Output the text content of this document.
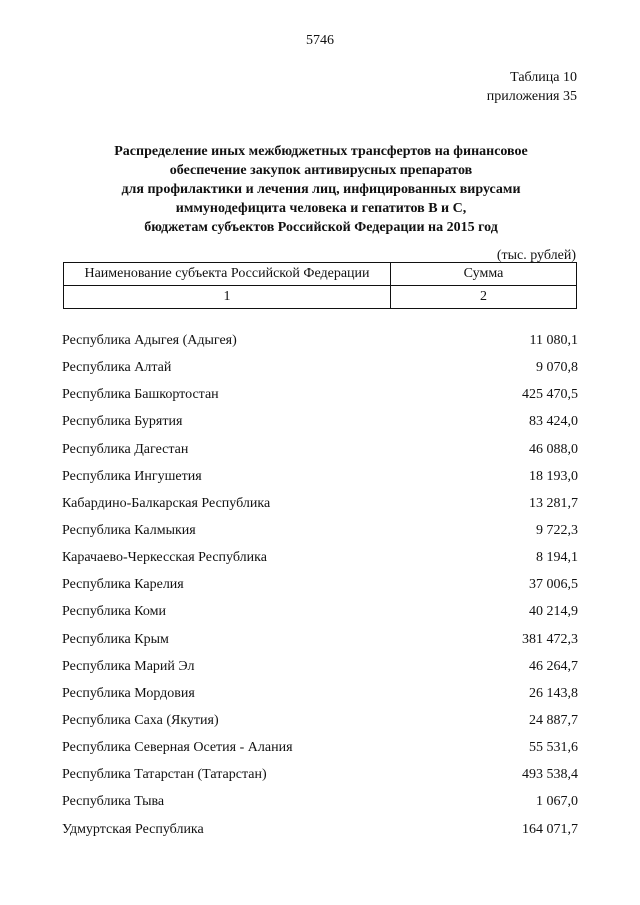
5746
Таблица 10
приложения 35
Распределение иных межбюджетных трансфертов на финансовое
обеспечение закупок антивирусных препаратов
для профилактики и лечения лиц, инфицированных вирусами
иммунодефицита человека и гепатитов В и С,
бюджетам субъектов Российской Федерации на 2015 год
(тыс. рублей)
Наименование субъекта Российской Федерации	Сумма
1	2
Республика Адыгея (Адыгея)	11 080,1
Республика Алтай	9 070,8
Республика Башкортостан	425 470,5
Республика Бурятия	83 424,0
Республика Дагестан	46 088,0
Республика Ингушетия	18 193,0
Кабардино-Балкарская Республика	13 281,7
Республика Калмыкия	9 722,3
Карачаево-Черкесская Республика	8 194,1
Республика Карелия	37 006,5
Республика Коми	40 214,9
Республика Крым	381 472,3
Республика Марий Эл	46 264,7
Республика Мордовия	26 143,8
Республика Саха (Якутия)	24 887,7
Республика Северная Осетия - Алания	55 531,6
Республика Татарстан (Татарстан)	493 538,4
Республика Тыва	1 067,0
Удмуртская Республика	164 071,7
